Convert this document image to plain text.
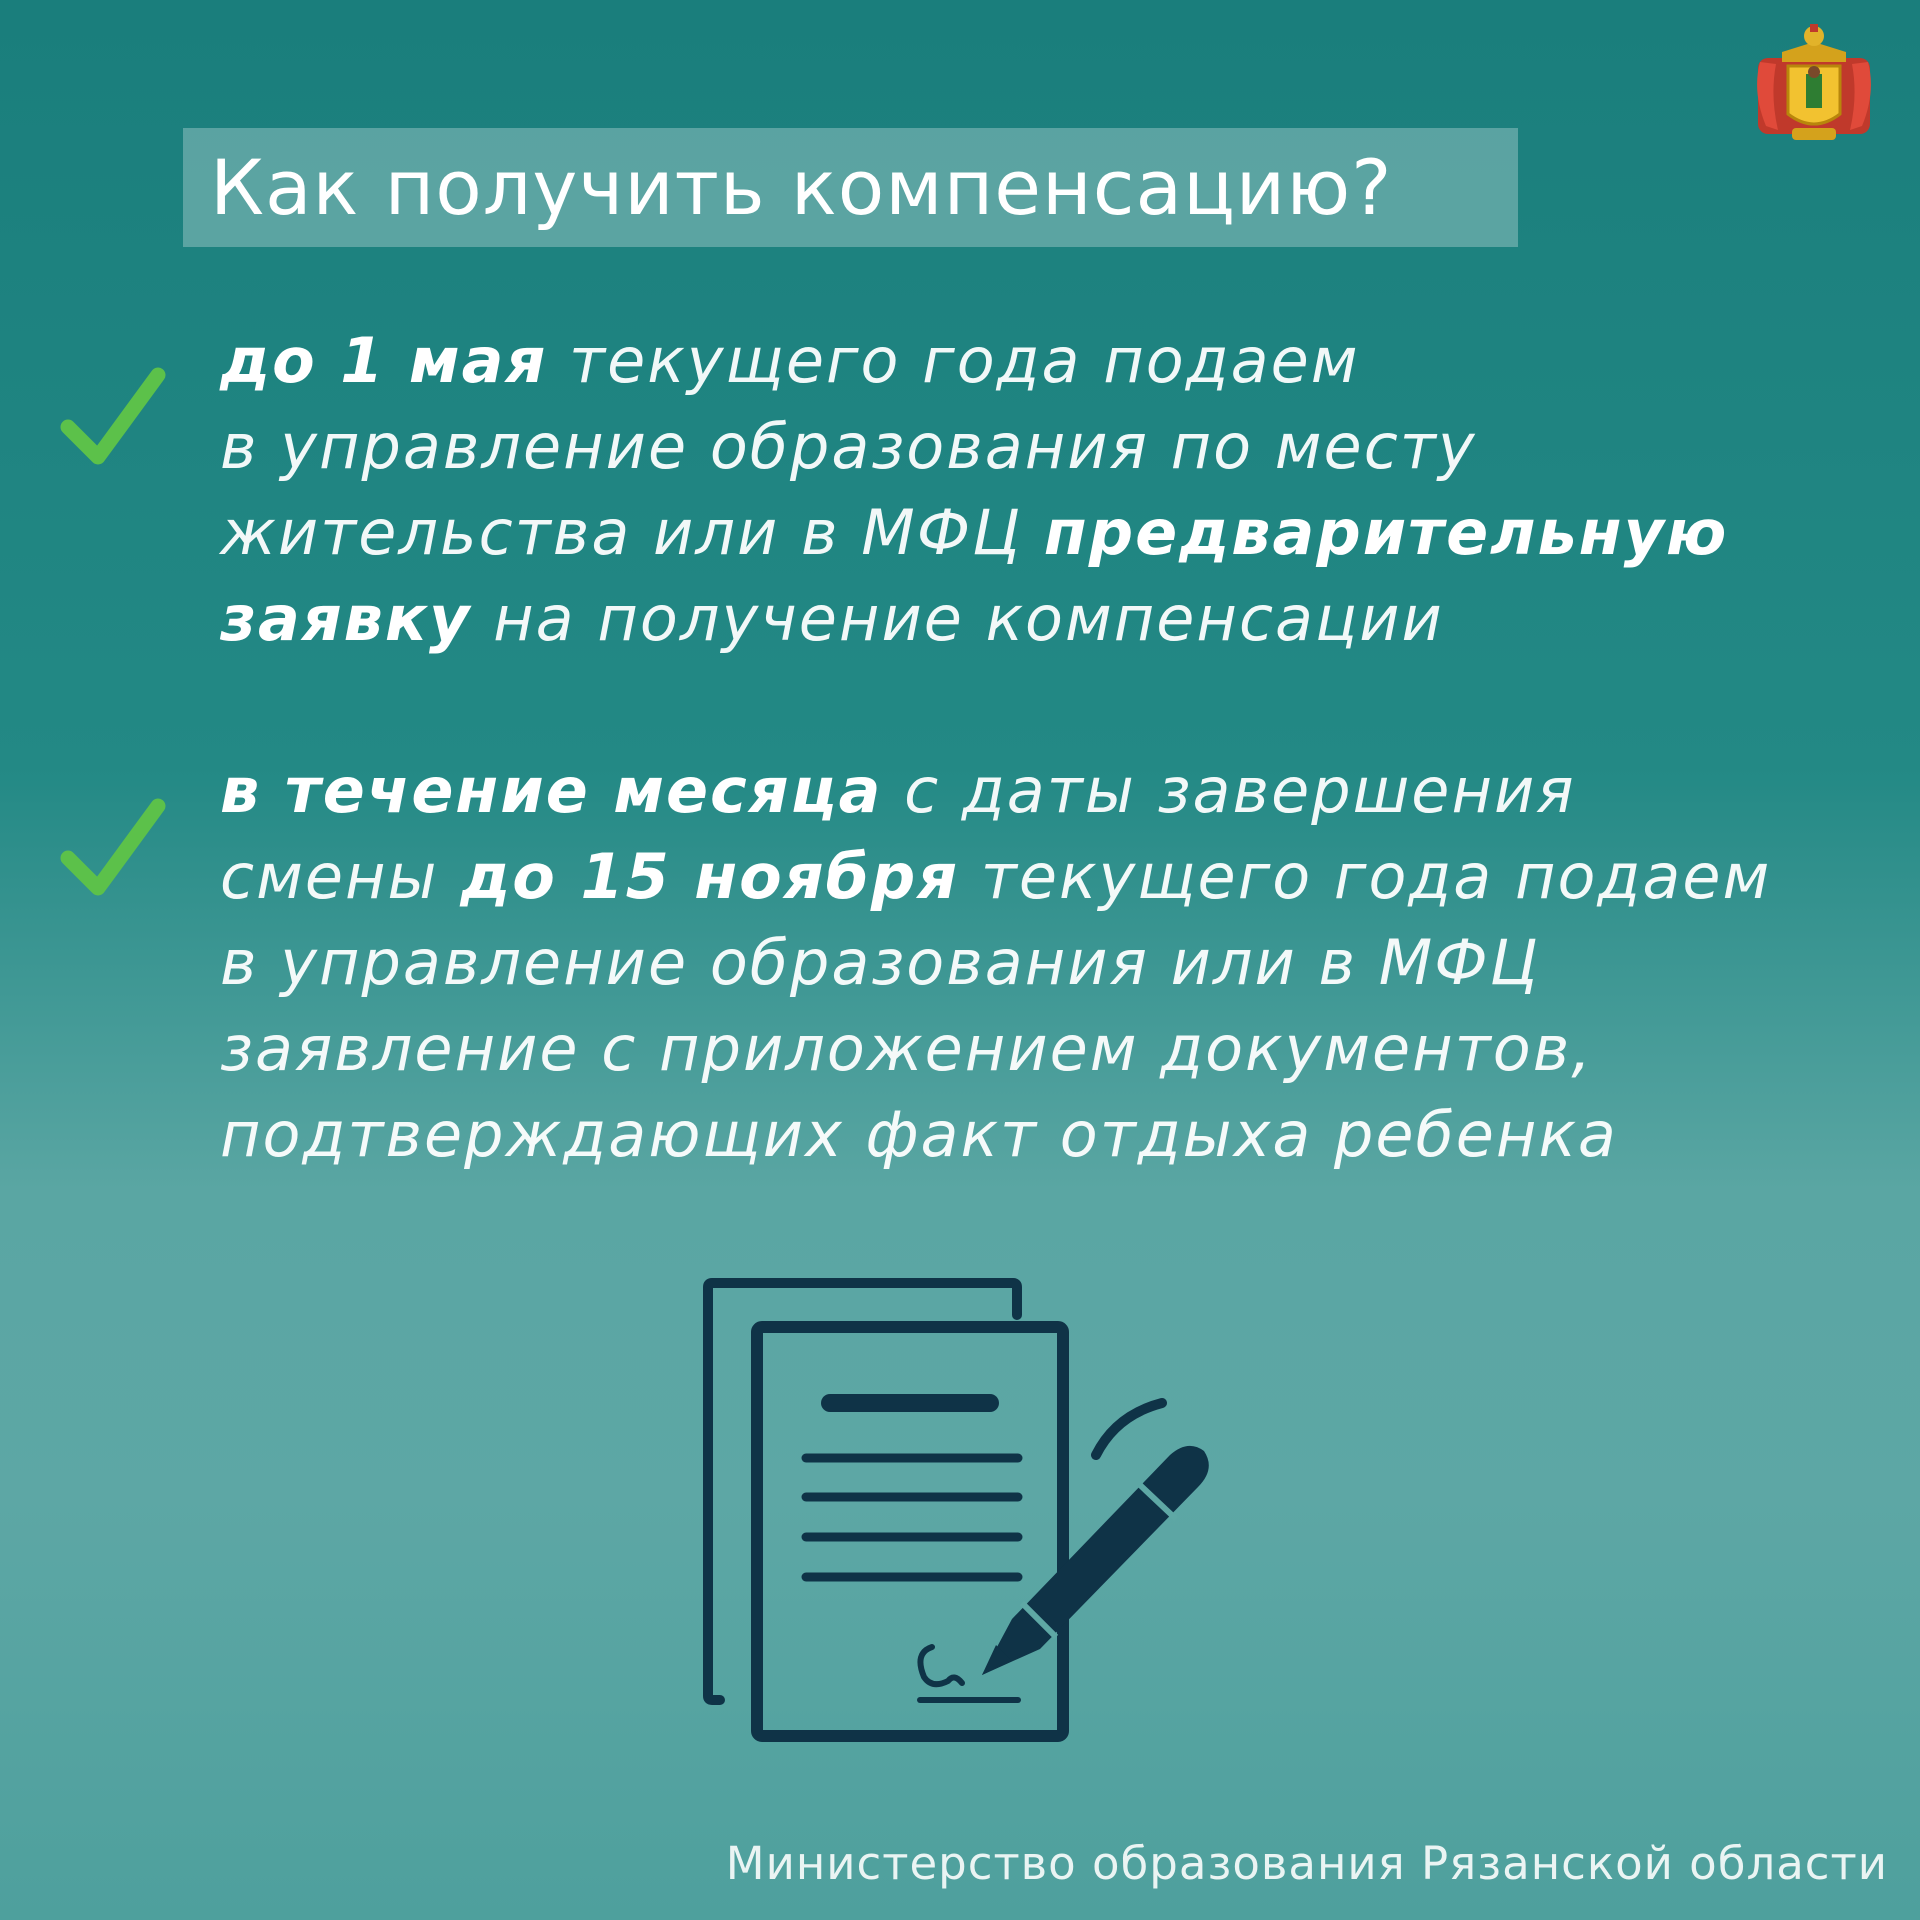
Как получить компенсацию?
до 1 мая текущего года подаем
в управление образования по месту
жительства или в МФЦ предварительную
заявку на получение компенсации
в течение месяца с даты завершения
смены до 15 ноября текущего года подаем
в управление образования или в МФЦ
заявление с приложением документов,
подтверждающих факт отдыха ребенка
Министерство образования Рязанской области
